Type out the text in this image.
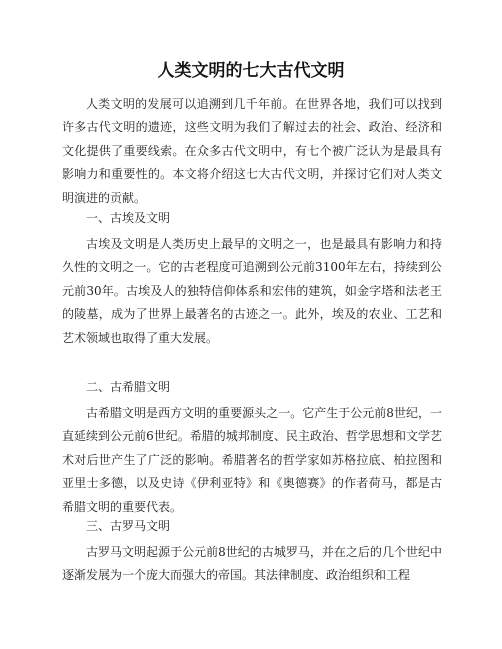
人类文明的七大古代文明

人类文明的发展可以追溯到几千年前。在世界各地，我们可以找到许多古代文明的遗迹，这些文明为我们了解过去的社会、政治、经济和文化提供了重要线索。在众多古代文明中，有七个被广泛认为是最具有影响力和重要性的。本文将介绍这七大古代文明，并探讨它们对人类文明演进的贡献。

一、古埃及文明

古埃及文明是人类历史上最早的文明之一，也是最具有影响力和持久性的文明之一。它的古老程度可追溯到公元前3100年左右，持续到公元前30年。古埃及人的独特信仰体系和宏伟的建筑，如金字塔和法老王的陵墓，成为了世界上最著名的古迹之一。此外，埃及的农业、工艺和艺术领域也取得了重大发展。

二、古希腊文明

古希腊文明是西方文明的重要源头之一。它产生于公元前8世纪，一直延续到公元前6世纪。希腊的城邦制度、民主政治、哲学思想和文学艺术对后世产生了广泛的影响。希腊著名的哲学家如苏格拉底、柏拉图和亚里士多德，以及史诗《伊利亚特》和《奥德赛》的作者荷马，都是古希腊文明的重要代表。

三、古罗马文明

古罗马文明起源于公元前8世纪的古城罗马，并在之后的几个世纪中逐渐发展为一个庞大而强大的帝国。其法律制度、政治组织和工程
